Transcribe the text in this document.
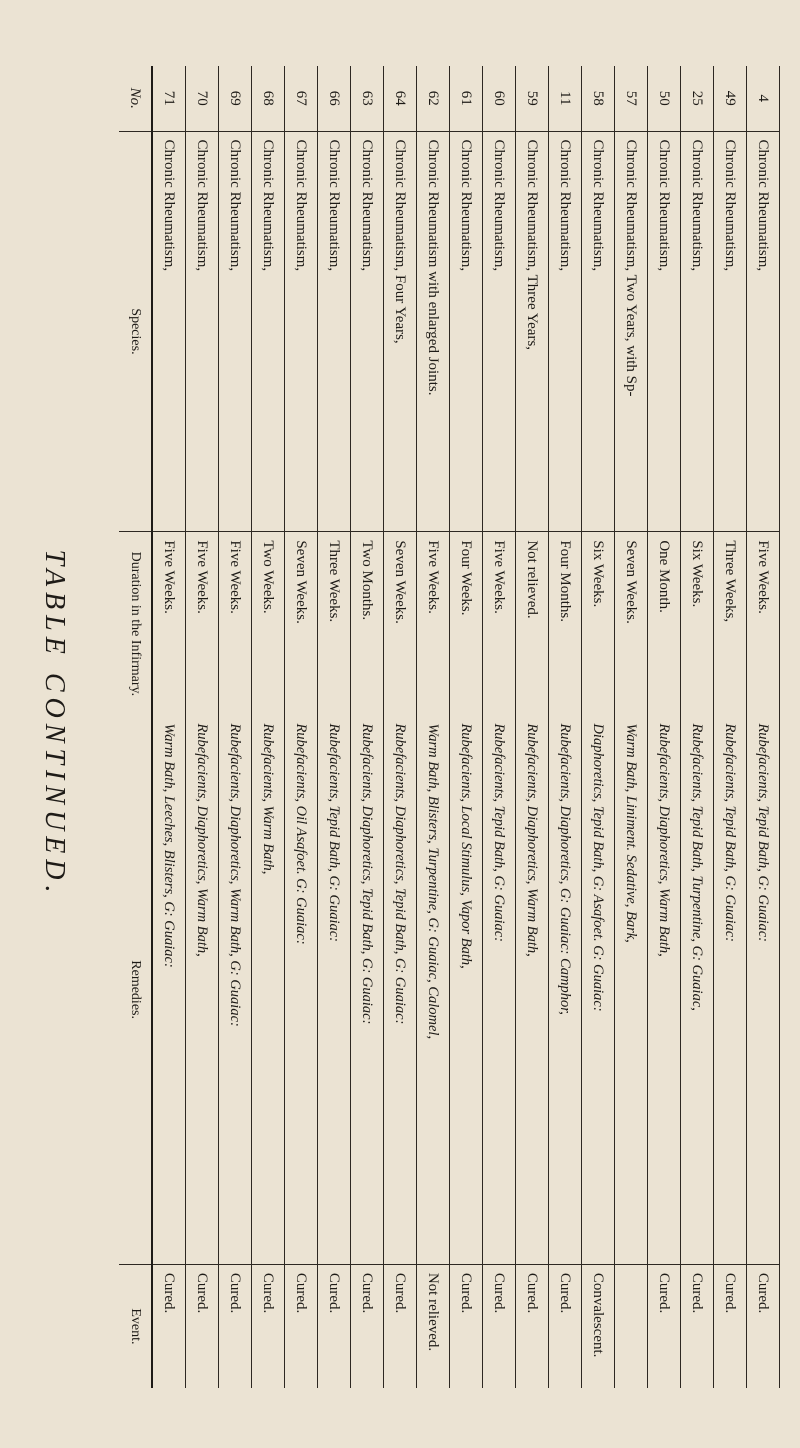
4	Chronic Rheumatism,	Five Weeks.	Rubefacients, Tepid Bath, G: Guaiac:	Cured.
49	Chronic Rheumatism,	Three Weeks,	Rubefacients, Tepid Bath, G: Guaiac:	Cured.
25	Chronic Rheumatism,	Six Weeks.	Rubefacients, Tepid Bath, Turpentine, G: Guaiac,	Cured.
50	Chronic Rheumatism,	One Month.	Rubefacients, Diaphoretics, Warm Bath,	Cured.
57	Chronic Rheumatism, Two Years, with Sp-	Seven Weeks.	Warm Bath, Liniment. Sedative, Bark,	
58	Chronic Rheumatism,	Six Weeks.	Diaphoretics, Tepid Bath, G: Asafoet. G: Guaiac:	Convalescent.
11	Chronic Rheumatism,	Four Months.	Rubefacients, Diaphoretics, G: Guaiac: Camphor,	Cured.
59	Chronic Rheumatism, Three Years,	Not relieved.	Rubefacients, Diaphoretics, Warm Bath,	Cured.
60	Chronic Rheumatism,	Five Weeks.	Rubefacients, Tepid Bath, G: Guaiac:	Cured.
61	Chronic Rheumatism,	Four Weeks.	Rubefacients, Local Stimulus, Vapor Bath,	Cured.
62	Chronic Rheumatism with enlarged Joints.	Five Weeks.	Warm Bath, Blisters, Turpentine, G: Guaiac, Calomel,	Not relieved.
64	Chronic Rheumatism, Four Years,	Seven Weeks.	Rubefacients, Diaphoretics, Tepid Bath, G: Guaiac:	Cured.
63	Chronic Rheumatism,	Two Months.	Rubefacients, Diaphoretics, Tepid Bath, G: Guaiac:	Cured.
66	Chronic Rheumatism,	Three Weeks.	Rubefacients, Tepid Bath, G: Guaiac:	Cured.
67	Chronic Rheumatism,	Seven Weeks.	Rubefacients, Oil Asafoet. G: Guaiac:	Cured.
68	Chronic Rheumatism,	Two Weeks.	Rubefacients, Warm Bath,	Cured.
69	Chronic Rheumatism,	Five Weeks.	Rubefacients, Diaphoretics, Warm Bath, G: Guaiac:	Cured.
70	Chronic Rheumatism,	Five Weeks.	Rubefacients, Diaphoretics, Warm Bath,	Cured.
71	Chronic Rheumatism,	Five Weeks.	Warm Bath, Leeches, Blisters, G: Guaiac:	Cured.
No.	Species.	Duration in the Infirmary.	Remedies.	Event.
TABLE CONTINUED.
